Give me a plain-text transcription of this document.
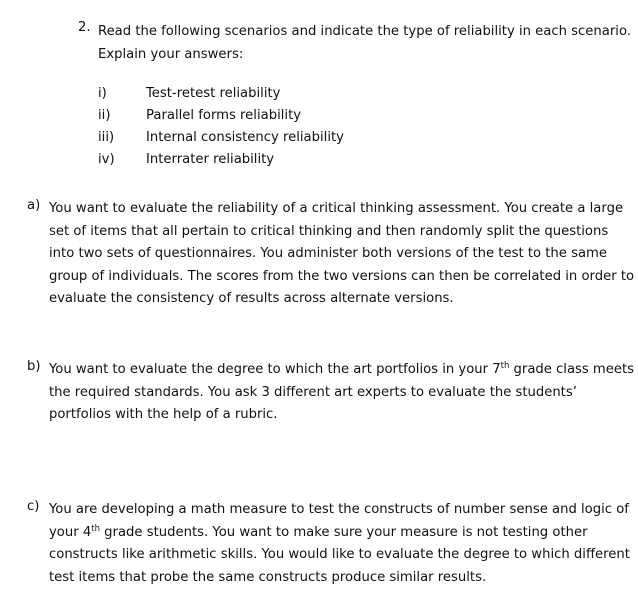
2. Read the following scenarios and indicate the type of reliability in each scenario.
Explain your answers:
i)	Test-retest reliability
ii)	Parallel forms reliability
iii) Internal consistency reliability
iv) Interrater reliability
a) You want to evaluate the reliability of a critical thinking assessment. You create a large
set of items that all pertain to critical thinking and then randomly split the questions
into two sets of questionnaires. You administer both versions of the test to the same
group of individuals. The scores from the two versions can then be correlated in order to
evaluate the consistency of results across alternate versions.
b) You want to evaluate the degree to which the art portfolios in your 7th grade class meets
the required standards. You ask 3 different art experts to evaluate the students’
portfolios with the help of a rubric.
c) You are developing a math measure to test the constructs of number sense and logic of
your 4th grade students. You want to make sure your measure is not testing other
constructs like arithmetic skills. You would like to evaluate the degree to which different
test items that probe the same constructs produce similar results.
